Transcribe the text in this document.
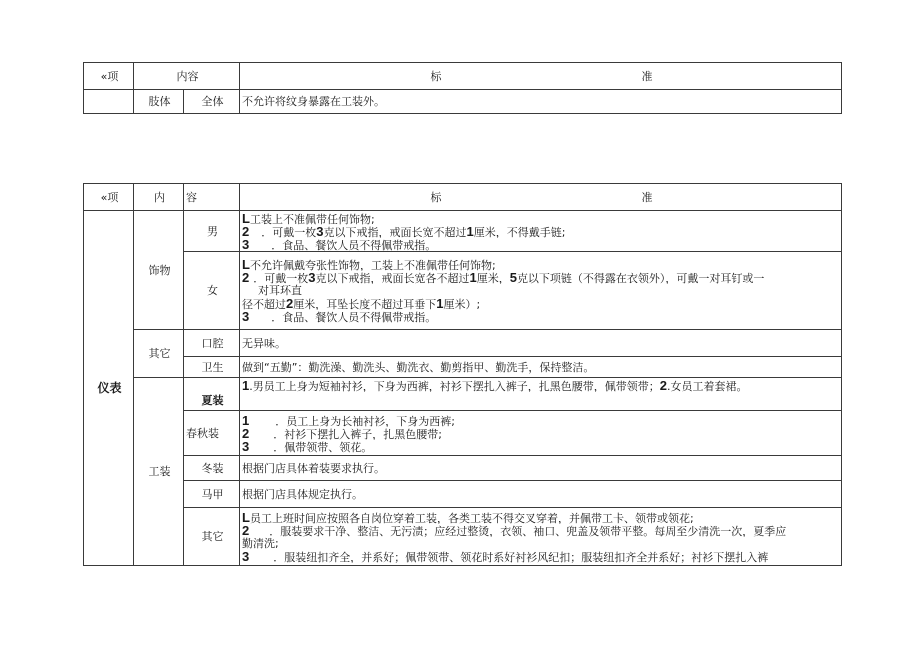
«项	内容		标 准
	肢体	全体	不允许将纹身暴露在工装外。
«项	内	容	标 准
仪表	饰物	男	L工装上不准佩带任何饰物;
2 ．可戴一枚3克以下戒指，戒面长宽不超过1厘米，不得戴手链;
3 ．食品、餐饮人员不得佩带戒指。

		女	L不允许佩戴夸张性饰物，工装上不准佩带任何饰物;
2 ．可戴一枚3克以下戒指，戒面长宽各不超过1厘米，5克以下项链（不得露在衣领外），可戴一对耳钉或一
对耳环直
径不超过2厘米，耳坠长度不超过耳垂下1厘米）;
3 ．食品、餐饮人员不得佩带戒指。

	其它	口腔	无异味。
		卫生	做到“五勤”：勤洗澡、勤洗头、勤洗衣、勤剪指甲、勤洗手，保持整洁。
	工装	夏装	1.男员工上身为短袖衬衫，下身为西裤，衬衫下摆扎入裤子，扎黑色腰带，佩带领带；2.女员工着套裙。

		春秋装	1 ．员工上身为长袖衬衫，下身为西裤;
2 ．衬衫下摆扎入裤子，扎黑色腰带;
3 ．佩带领带、领花。

		冬装	根据门店具体着装要求执行。
		马甲	根据门店具体规定执行。
		其它	L员工上班时间应按照各自岗位穿着工装，各类工装不得交叉穿着，并佩带工卡、领带或领花;
2 ．服装要求干净、整洁、无污渍；应经过整烫，衣领、袖口、兜盖及领带平整。每周至少清洗一次，夏季应
勤清洗;
3 ．服装纽扣齐全，并系好；佩带领带、领花时系好衬衫风纪扣；服装纽扣齐全并系好；衬衫下摆扎入裤
